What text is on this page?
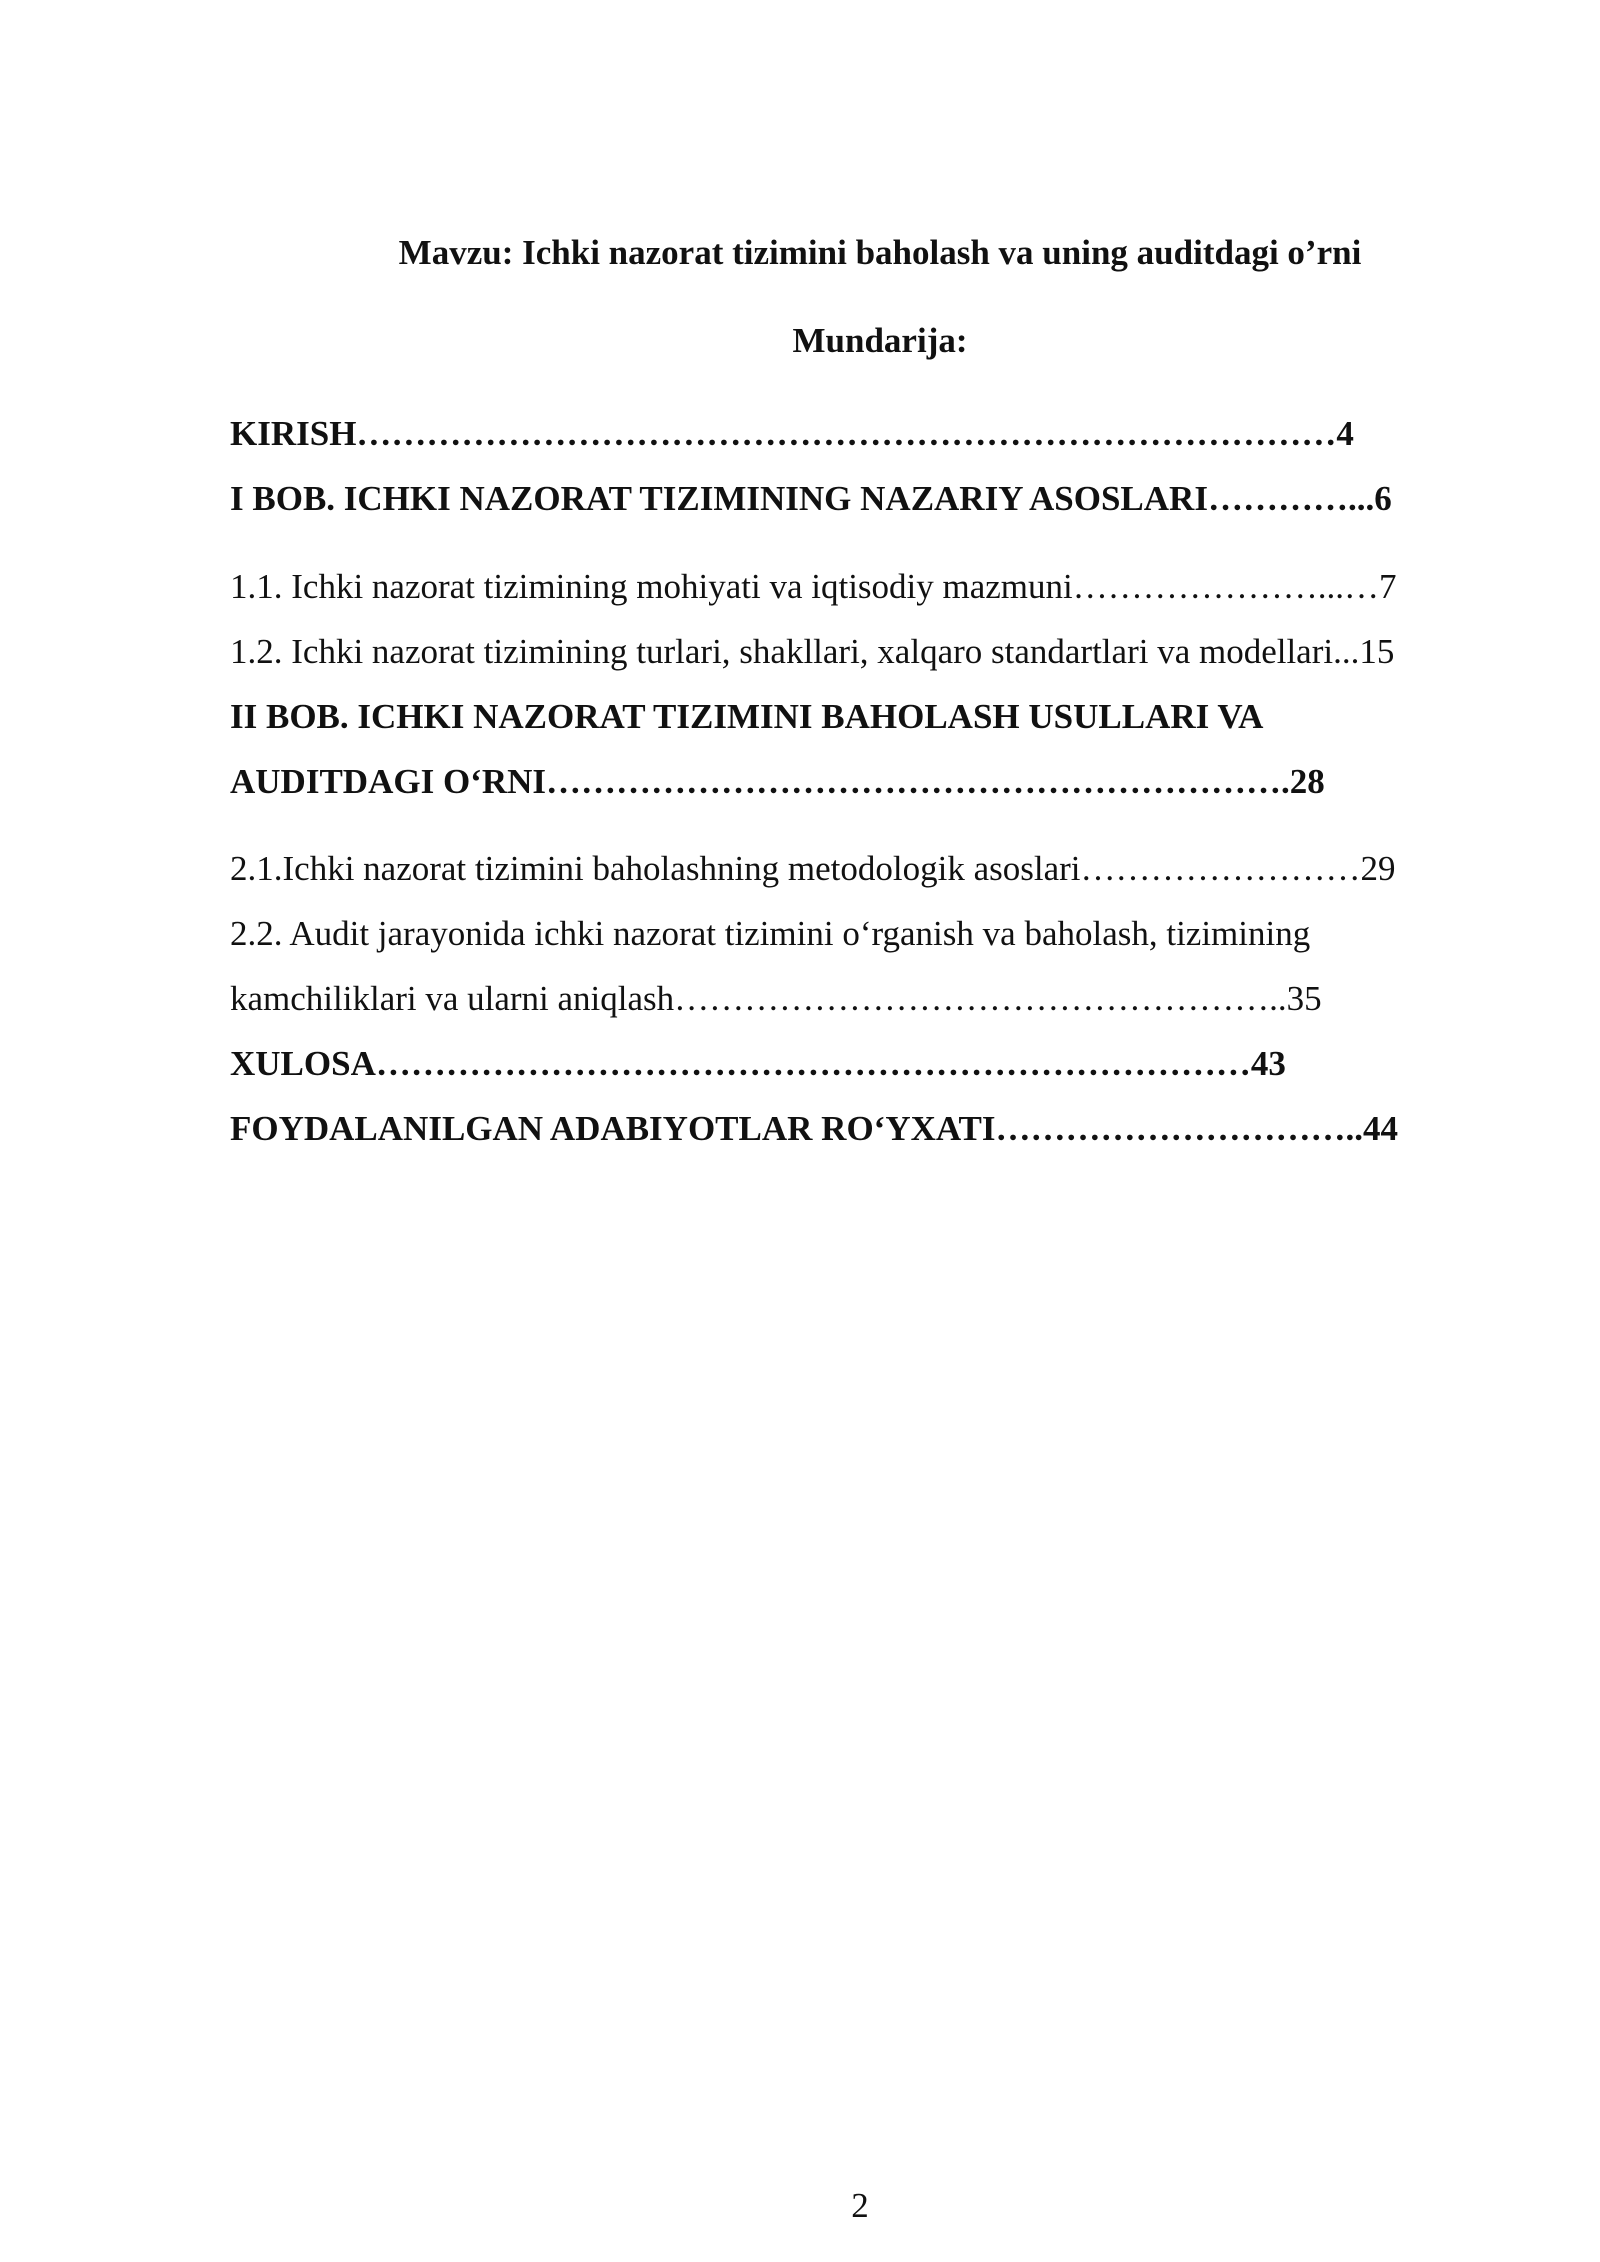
Mavzu: Ichki nazorat tizimini baholash va uning auditdagi o’rni
Mundarija:
KIRISH…………………………………………………………………………4
I BOB. ICHKI NAZORAT TIZIMINING NAZARIY ASOSLARI…………...6
1.1. Ichki nazorat tizimining mohiyati va iqtisodiy mazmuni…………………...…7
1.2. Ichki nazorat tizimining turlari, shakllari, xalqaro standartlari va modellari...15
II BOB. ICHKI NAZORAT TIZIMINI BAHOLASH USULLARI VA
AUDITDAGI O‘RNI……………………………………………………….28
2.1.Ichki nazorat tizimini baholashning metodologik asoslari……………………29
2.2. Audit jarayonida ichki nazorat tizimini o‘rganish va baholash, tizimining
kamchiliklari va ularni aniqlash……………………………………………..35
XULOSA…………………………………………………………………43
FOYDALANILGAN ADABIYOTLAR RO‘YXATI…………………………..44
2
